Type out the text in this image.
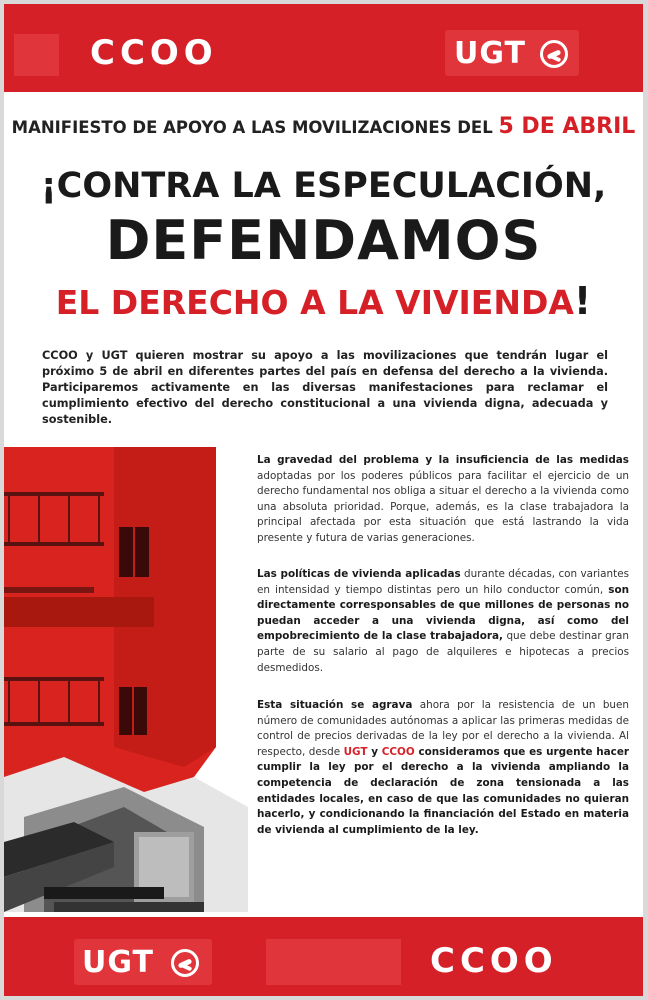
CCOO	UGT
MANIFIESTO DE APOYO A LAS MOVILIZACIONES DEL 5 DE ABRIL
¡CONTRA LA ESPECULACIÓN,
DEFENDAMOS
EL DERECHO A LA VIVIENDA!
CCOO y UGT quieren mostrar su apoyo a las movilizaciones que tendrán lugar el próximo 5 de abril en diferentes partes del país en defensa del derecho a la vivienda. Participaremos activamente en las diversas manifestaciones para reclamar el cumplimiento efectivo del derecho constitucional a una vivienda digna, adecuada y sostenible.
La gravedad del problema y la insuficiencia de las medidas adoptadas por los poderes públicos para facilitar el ejercicio de un derecho fundamental nos obliga a situar el derecho a la vivienda como una absoluta prioridad. Porque, además, es la clase trabajadora la principal afectada por esta situación que está lastrando la vida presente y futura de varias generaciones.
Las políticas de vivienda aplicadas durante décadas, con variantes en intensidad y tiempo distintas pero un hilo conductor común, son directamente corresponsables de que millones de personas no puedan acceder a una vivienda digna, así como del empobrecimiento de la clase trabajadora, que debe destinar gran parte de su salario al pago de alquileres e hipotecas a precios desmedidos.
Esta situación se agrava ahora por la resistencia de un buen número de comunidades autónomas a aplicar las primeras medidas de control de precios derivadas de la ley por el derecho a la vivienda. Al respecto, desde UGT y CCOO consideramos que es urgente hacer cumplir la ley por el derecho a la vivienda ampliando la competencia de declaración de zona tensionada a las entidades locales, en caso de que las comunidades no quieran hacerlo, y condicionando la financiación del Estado en materia de vivienda al cumplimiento de la ley.
UGT	CCOO
